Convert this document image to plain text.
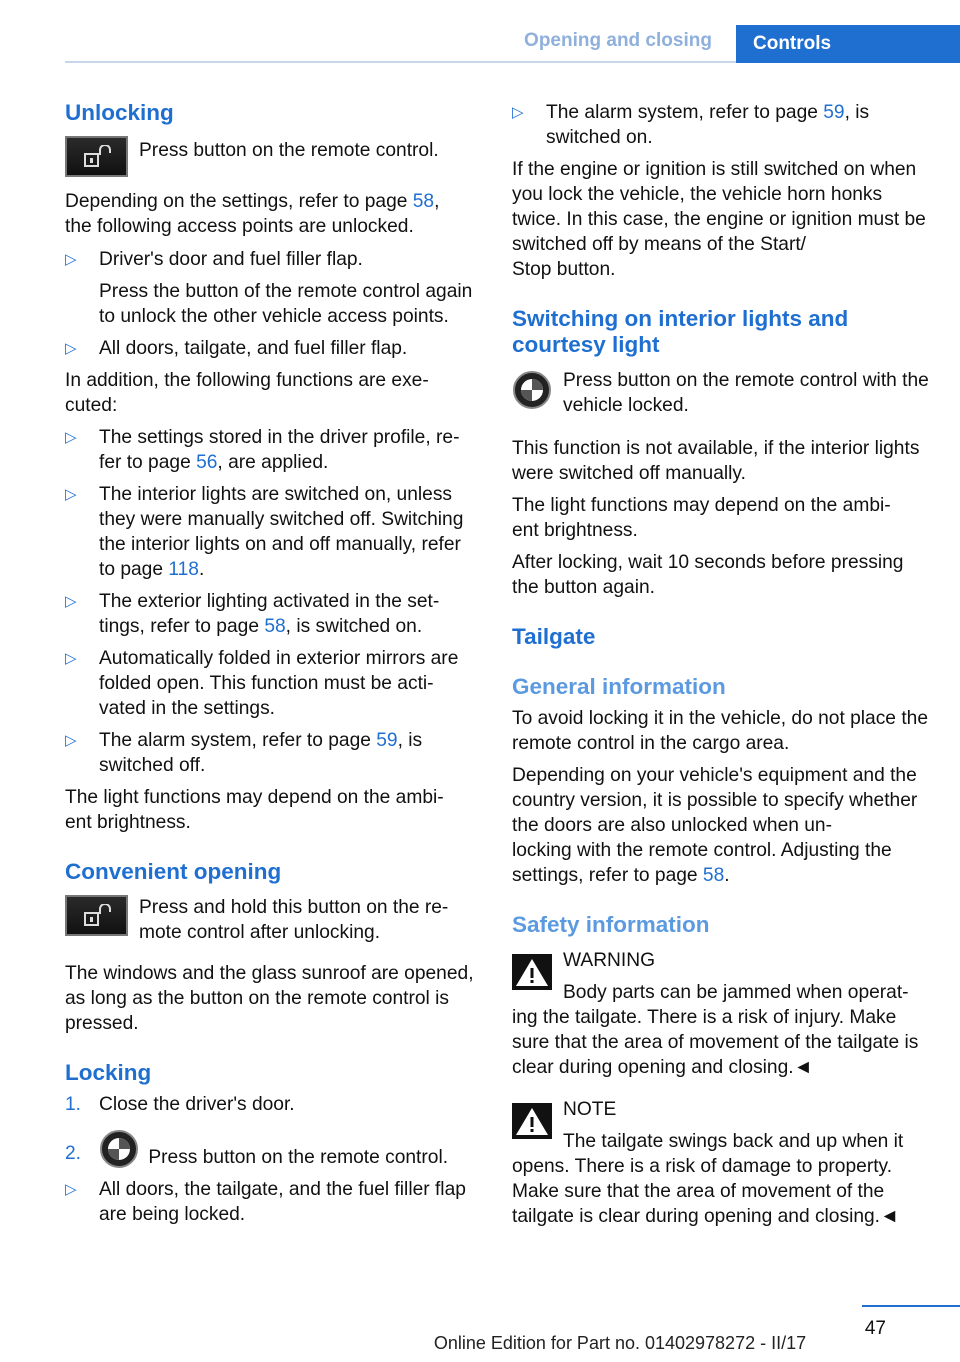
Opening and closing	Controls
Unlocking

Press button on the remote control.

Depending on the settings, refer to page 58,
the following access points are unlocked.

▷ Driver's door and fuel filler flap.

Press the button of the remote control again to unlock the other vehicle access points.

▷ All doors, tailgate, and fuel filler flap.

In addition, the following functions are exe-
cuted:

▷ The settings stored in the driver profile, re-
fer to page 56, are applied.

▷ The interior lights are switched on, unless they were manually switched off. Switching the interior lights on and off manually, refer to page 118.

▷ The exterior lighting activated in the set-
tings, refer to page 58, is switched on.

▷ Automatically folded in exterior mirrors are folded open. This function must be acti-
vated in the settings.

▷ The alarm system, refer to page 59, is
switched off.

The light functions may depend on the ambi-
ent brightness.

Convenient opening

Press and hold this button on the re-
mote control after unlocking.

The windows and the glass sunroof are opened, as long as the button on the remote control is pressed.

Locking
1. Close the driver's door.

2.	Press button on the remote control.

▷ All doors, the tailgate, and the fuel filler flap are being locked.

▷ The alarm system, refer to page 59, is
switched on.

If the engine or ignition is still switched on when you lock the vehicle, the vehicle horn honks twice. In this case, the engine or ignition must be switched off by means of the Start/
Stop button.

Switching on interior lights and courtesy light

Press button on the remote control with the vehicle locked.

This function is not available, if the interior lights were switched off manually.

The light functions may depend on the ambi-
ent brightness.

After locking, wait 10 seconds before pressing the button again.

Tailgate
General information

To avoid locking it in the vehicle, do not place the remote control in the cargo area.

Depending on your vehicle's equipment and the country version, it is possible to specify whether the doors are also unlocked when un-
locking with the remote control. Adjusting the settings, refer to page 58.

Safety information

WARNING

Body parts can be jammed when operat-
ing the tailgate. There is a risk of injury. Make sure that the area of movement of the tailgate is clear during opening and closing.◄

NOTE

The tailgate swings back and up when it opens. There is a risk of damage to property. Make sure that the area of movement of the tailgate is clear during opening and closing.◄

47
Online Edition for Part no. 01402978272 - II/17
